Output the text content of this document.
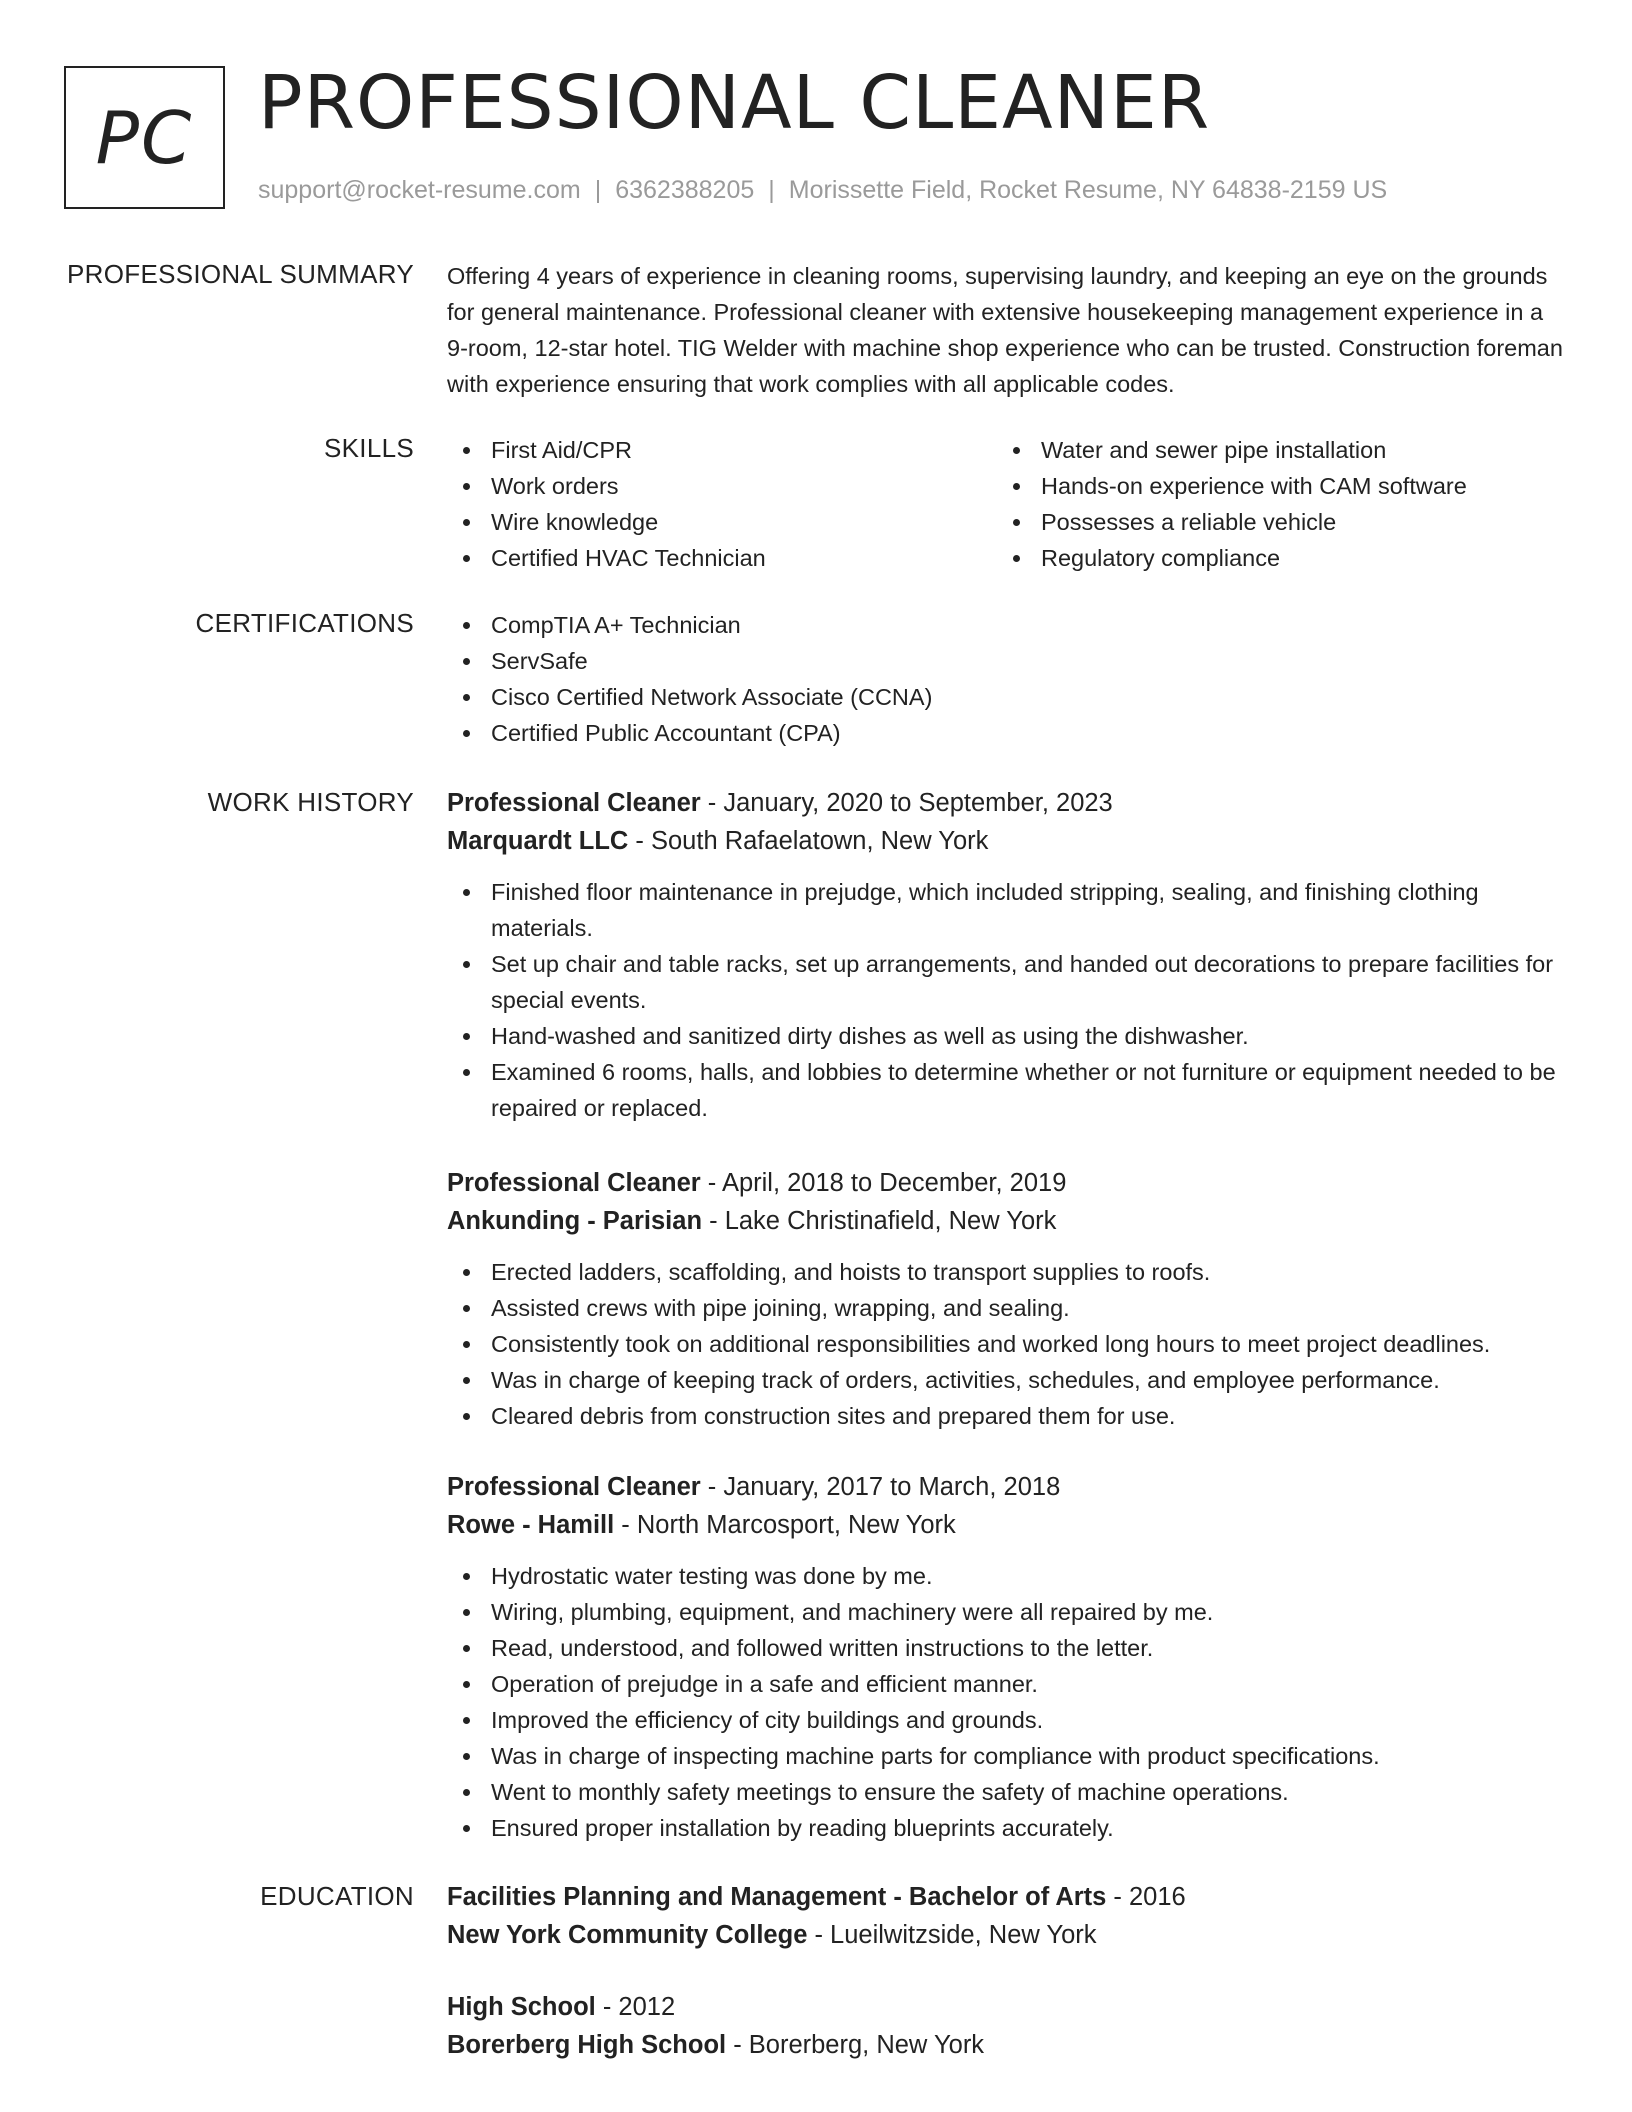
PC PROFESSIONAL CLEANER
support@rocket-resume.com | 6362388205 | Morissette Field, Rocket Resume, NY 64838-2159 US
PROFESSIONAL SUMMARY Offering 4 years of experience in cleaning rooms, supervising laundry, and keeping an eye on the grounds for general maintenance. Professional cleaner with extensive housekeeping management experience in a 9-room, 12-star hotel. TIG Welder with machine shop experience who can be trusted. Construction foreman with experience ensuring that work complies with all applicable codes.

SKILLS	First Aid/CPR
Work orders
Wire knowledge
Certified HVAC Technician
Water and sewer pipe installation
Hands-on experience with CAM software
Possesses a reliable vehicle
Regulatory compliance
CERTIFICATIONS	CompTIA A+ Technician
ServSafe
Cisco Certified Network Associate (CCNA)
Certified Public Accountant (CPA)
WORK HISTORY Professional Cleaner - January, 2020 to September, 2023
Marquardt LLC - South Rafaelatown, New York
Finished floor maintenance in prejudge, which included stripping, sealing, and finishing clothing materials.
Set up chair and table racks, set up arrangements, and handed out decorations to prepare facilities for special events.
Hand-washed and sanitized dirty dishes as well as using the dishwasher.
Examined 6 rooms, halls, and lobbies to determine whether or not furniture or equipment needed to be repaired or replaced.
Professional Cleaner - April, 2018 to December, 2019
Ankunding - Parisian - Lake Christinafield, New York
Erected ladders, scaffolding, and hoists to transport supplies to roofs.
Assisted crews with pipe joining, wrapping, and sealing.
Consistently took on additional responsibilities and worked long hours to meet project deadlines.
Was in charge of keeping track of orders, activities, schedules, and employee performance.
Cleared debris from construction sites and prepared them for use.
Professional Cleaner - January, 2017 to March, 2018
Rowe - Hamill - North Marcosport, New York
Hydrostatic water testing was done by me.
Wiring, plumbing, equipment, and machinery were all repaired by me.
Read, understood, and followed written instructions to the letter.
Operation of prejudge in a safe and efficient manner.
Improved the efficiency of city buildings and grounds.
Was in charge of inspecting machine parts for compliance with product specifications.
Went to monthly safety meetings to ensure the safety of machine operations.
Ensured proper installation by reading blueprints accurately.
EDUCATION Facilities Planning and Management - Bachelor of Arts - 2016
New York Community College - Lueilwitzside, New York
High School - 2012
Borerberg High School - Borerberg, New York
